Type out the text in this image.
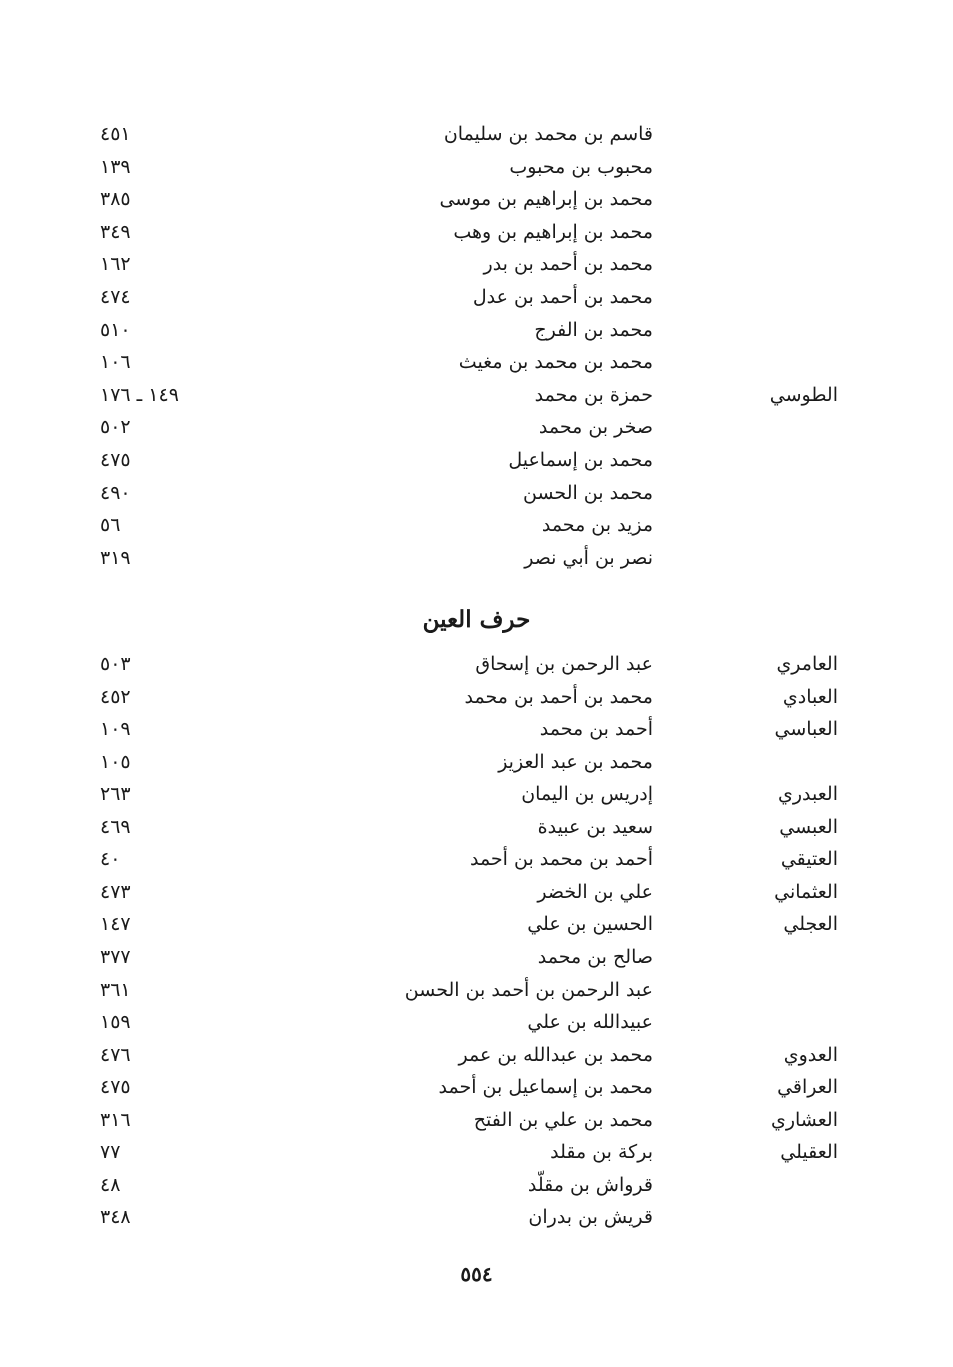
قاسم بن محمد بن سليمان
٤٥١
محبوب بن محبوب
١٣٩
محمد بن إبراهيم بن موسى
٣٨٥
محمد بن إبراهيم بن وهب
٣٤٩
محمد بن أحمد بن بدر
١٦٢
محمد بن أحمد بن عدل
٤٧٤
محمد بن الفرج
٥١٠
محمد بن محمد بن مغيث
١٠٦
الطوسي
حمزة بن محمد
١٤٩ ـ ١٧٦
صخر بن محمد
٥٠٢
محمد بن إسماعيل
٤٧٥
محمد بن الحسن
٤٩٠
مزيد بن محمد
٥٦
نصر بن أبي نصر
٣١٩
حرف العين
العامري
عبد الرحمن بن إسحاق
٥٠٣
العبادي
محمد بن أحمد بن محمد
٤٥٢
العباسي
أحمد بن محمد
١٠٩
محمد بن عبد العزيز
١٠٥
العبدري
إدريس بن اليمان
٢٦٣
العبسي
سعيد بن عبيدة
٤٦٩
العتيقي
أحمد بن محمد بن أحمد
٤٠
العثماني
علي بن الخضر
٤٧٣
العجلي
الحسين بن علي
١٤٧
صالح بن محمد
٣٧٧
عبد الرحمن بن أحمد بن الحسن
٣٦١
عبيدالله بن علي
١٥٩
العدوي
محمد بن عبدالله بن عمر
٤٧٦
العراقي
محمد بن إسماعيل بن أحمد
٤٧٥
العشاري
محمد بن علي بن الفتح
٣١٦
العقيلي
بركة بن مقلد
٧٧
قرواش بن مقلّد
٤٨
قريش بن بدران
٣٤٨
٥٥٤
